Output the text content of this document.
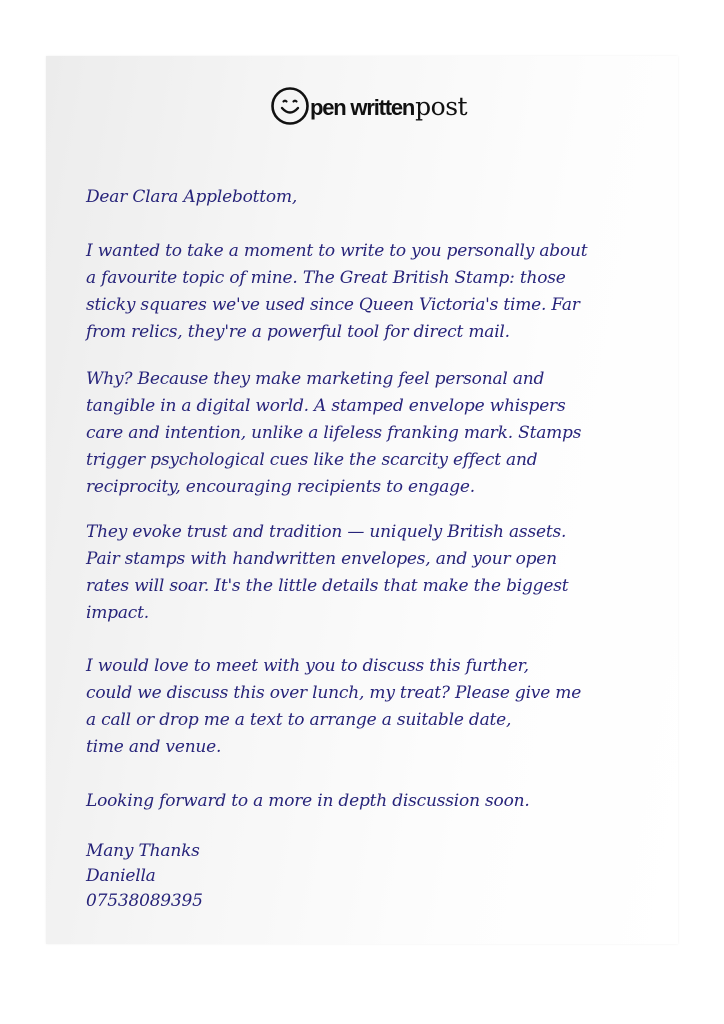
pen written post

Dear Clara Applebottom,

I wanted to take a moment to write to you personally about

a favourite topic of mine. The Great British Stamp: those

sticky squares we've used since Queen Victoria's time. Far

from relics, they're a powerful tool for direct mail.

Why? Because they make marketing feel personal and

tangible in a digital world. A stamped envelope whispers

care and intention, unlike a lifeless franking mark. Stamps

trigger psychological cues like the scarcity effect and

reciprocity, encouraging recipients to engage.

They evoke trust and tradition — uniquely British assets.

Pair stamps with handwritten envelopes, and your open

rates will soar. It's the little details that make the biggest

impact.

I would love to meet with you to discuss this further,

could we discuss this over lunch, my treat? Please give me

a call or drop me a text to arrange a suitable date,

time and venue.

Looking forward to a more in depth discussion soon.

Many Thanks

Daniella

07538089395
